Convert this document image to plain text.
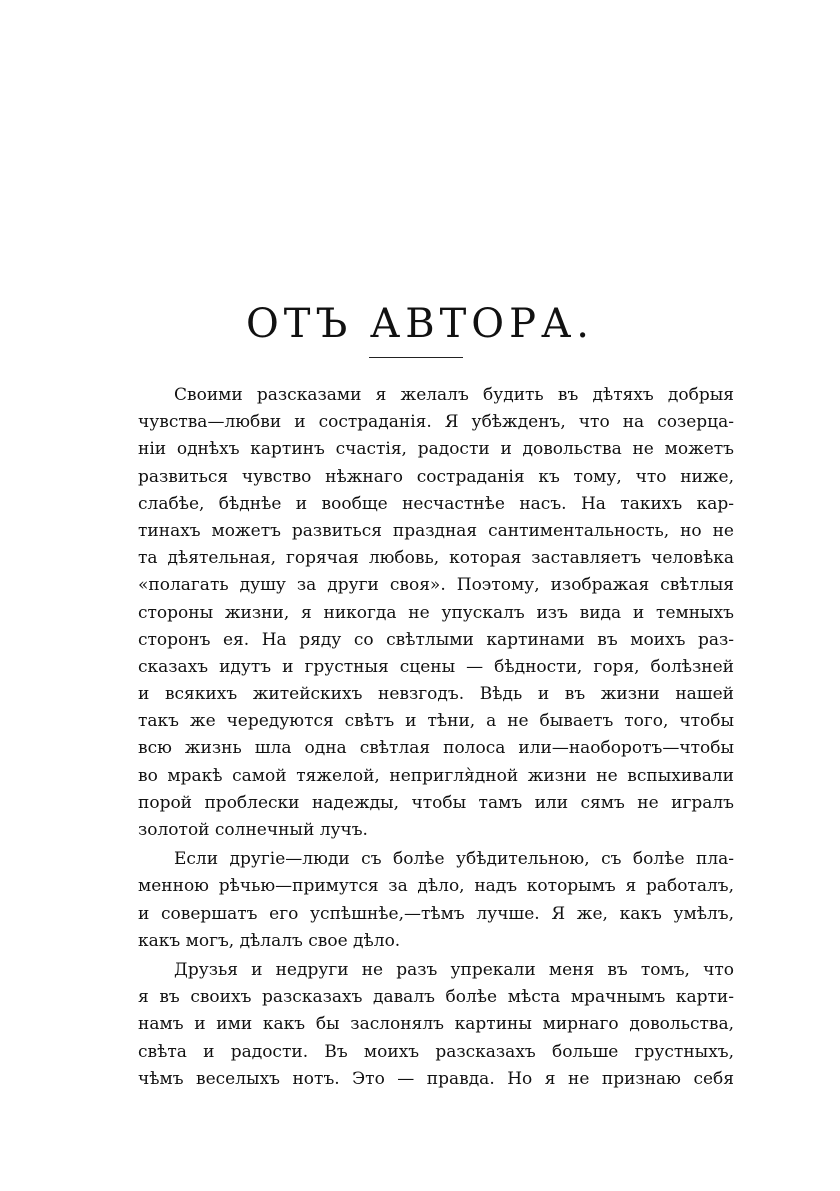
ОТЪ АВТОРА.
Своими разсказами я желалъ будить въ дѣтяхъ добрыя
чувства—любви и состраданія. Я убѣжденъ, что на созерца-
ніи однѣхъ картинъ счастія, радости и довольства не можетъ
развиться чувство нѣжнаго состраданія къ тому, что ниже,
слабѣе, бѣднѣе и вообще несчастнѣе насъ. На такихъ кар-
тинахъ можетъ развиться праздная сантиментальность, но не
та дѣятельная, горячая любовь, которая заставляетъ человѣка
«полагать душу за други своя». Поэтому, изображая свѣтлыя
стороны жизни, я никогда не упускалъ изъ вида и темныхъ
сторонъ ея. На ряду со свѣтлыми картинами въ моихъ раз-
сказахъ идутъ и грустныя сцены — бѣдности, горя, болѣзней
и всякихъ житейскихъ невзгодъ. Вѣдь и въ жизни нашей
такъ же чередуются свѣтъ и тѣни, а не бываетъ того, чтобы
всю жизнь шла одна свѣтлая полоса или—наоборотъ—чтобы
во мракѣ самой тяжелой, непригля̀дной жизни не вспыхивали
порой проблески надежды, чтобы тамъ или сямъ не игралъ
золотой солнечный лучъ.
Если другіе—люди съ болѣе убѣдительною, съ болѣе пла-
менною рѣчью—примутся за дѣло, надъ которымъ я работалъ,
и совершатъ его успѣшнѣе,—тѣмъ лучше. Я же, какъ умѣлъ,
какъ могъ, дѣлалъ свое дѣло.
Друзья и недруги не разъ упрекали меня въ томъ, что
я въ своихъ разсказахъ давалъ болѣе мѣста мрачнымъ карти-
намъ и ими какъ бы заслонялъ картины мирнаго довольства,
свѣта и радости. Въ моихъ разсказахъ больше грустныхъ,
чѣмъ веселыхъ нотъ. Это — правда. Но я не признаю себя
